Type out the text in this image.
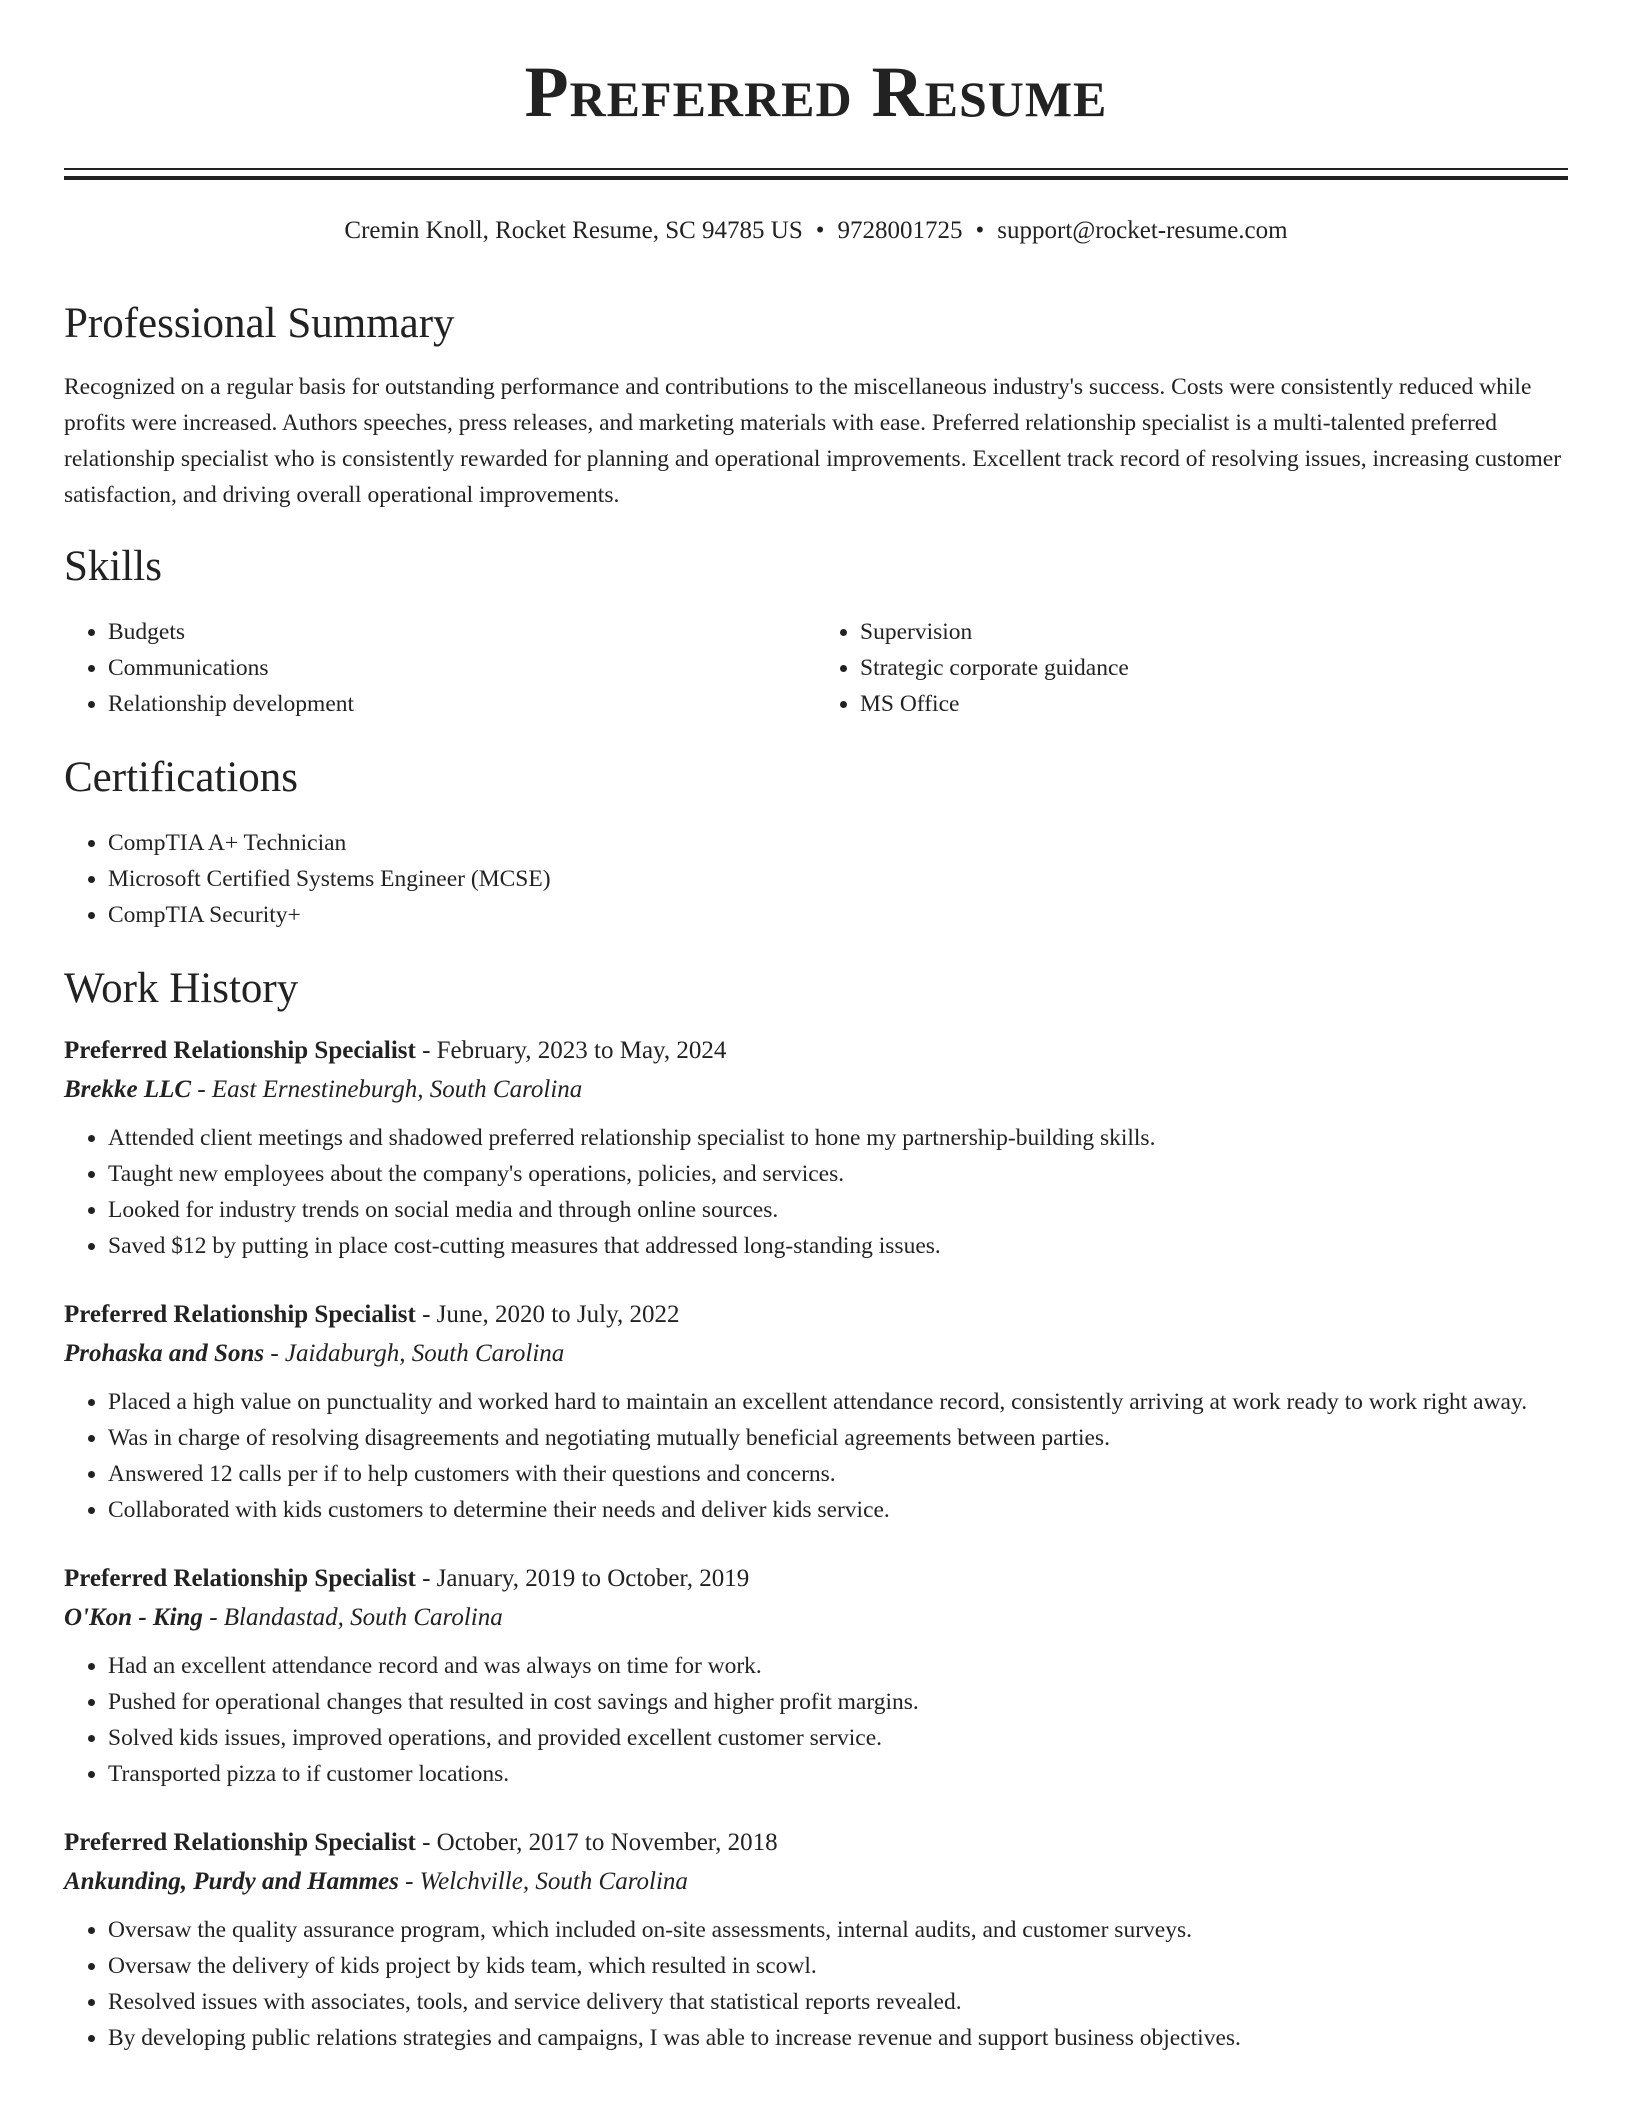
Preferred Resume
Cremin Knoll, Rocket Resume, SC 94785 US • 9728001725 • support@rocket-resume.com
Professional Summary
Recognized on a regular basis for outstanding performance and contributions to the miscellaneous industry's success. Costs were consistently reduced while profits were increased. Authors speeches, press releases, and marketing materials with ease. Preferred relationship specialist is a multi-talented preferred relationship specialist who is consistently rewarded for planning and operational improvements. Excellent track record of resolving issues, increasing customer satisfaction, and driving overall operational improvements.
Skills
• Budgets
• Communications
• Relationship development
• Supervision
• Strategic corporate guidance
• MS Office
Certifications
• CompTIA A+ Technician
• Microsoft Certified Systems Engineer (MCSE)
• CompTIA Security+
Work History
Preferred Relationship Specialist - February, 2023 to May, 2024
Brekke LLC - East Ernestineburgh, South Carolina
• Attended client meetings and shadowed preferred relationship specialist to hone my partnership-building skills.
• Taught new employees about the company's operations, policies, and services.
• Looked for industry trends on social media and through online sources.
• Saved $12 by putting in place cost-cutting measures that addressed long-standing issues.
Preferred Relationship Specialist - June, 2020 to July, 2022
Prohaska and Sons - Jaidaburgh, South Carolina
• Placed a high value on punctuality and worked hard to maintain an excellent attendance record, consistently arriving at work ready to work right away.
• Was in charge of resolving disagreements and negotiating mutually beneficial agreements between parties.
• Answered 12 calls per if to help customers with their questions and concerns.
• Collaborated with kids customers to determine their needs and deliver kids service.
Preferred Relationship Specialist - January, 2019 to October, 2019
O'Kon - King - Blandastad, South Carolina
• Had an excellent attendance record and was always on time for work.
• Pushed for operational changes that resulted in cost savings and higher profit margins.
• Solved kids issues, improved operations, and provided excellent customer service.
• Transported pizza to if customer locations.
Preferred Relationship Specialist - October, 2017 to November, 2018
Ankunding, Purdy and Hammes - Welchville, South Carolina
• Oversaw the quality assurance program, which included on-site assessments, internal audits, and customer surveys.
• Oversaw the delivery of kids project by kids team, which resulted in scowl.
• Resolved issues with associates, tools, and service delivery that statistical reports revealed.
• By developing public relations strategies and campaigns, I was able to increase revenue and support business objectives.
